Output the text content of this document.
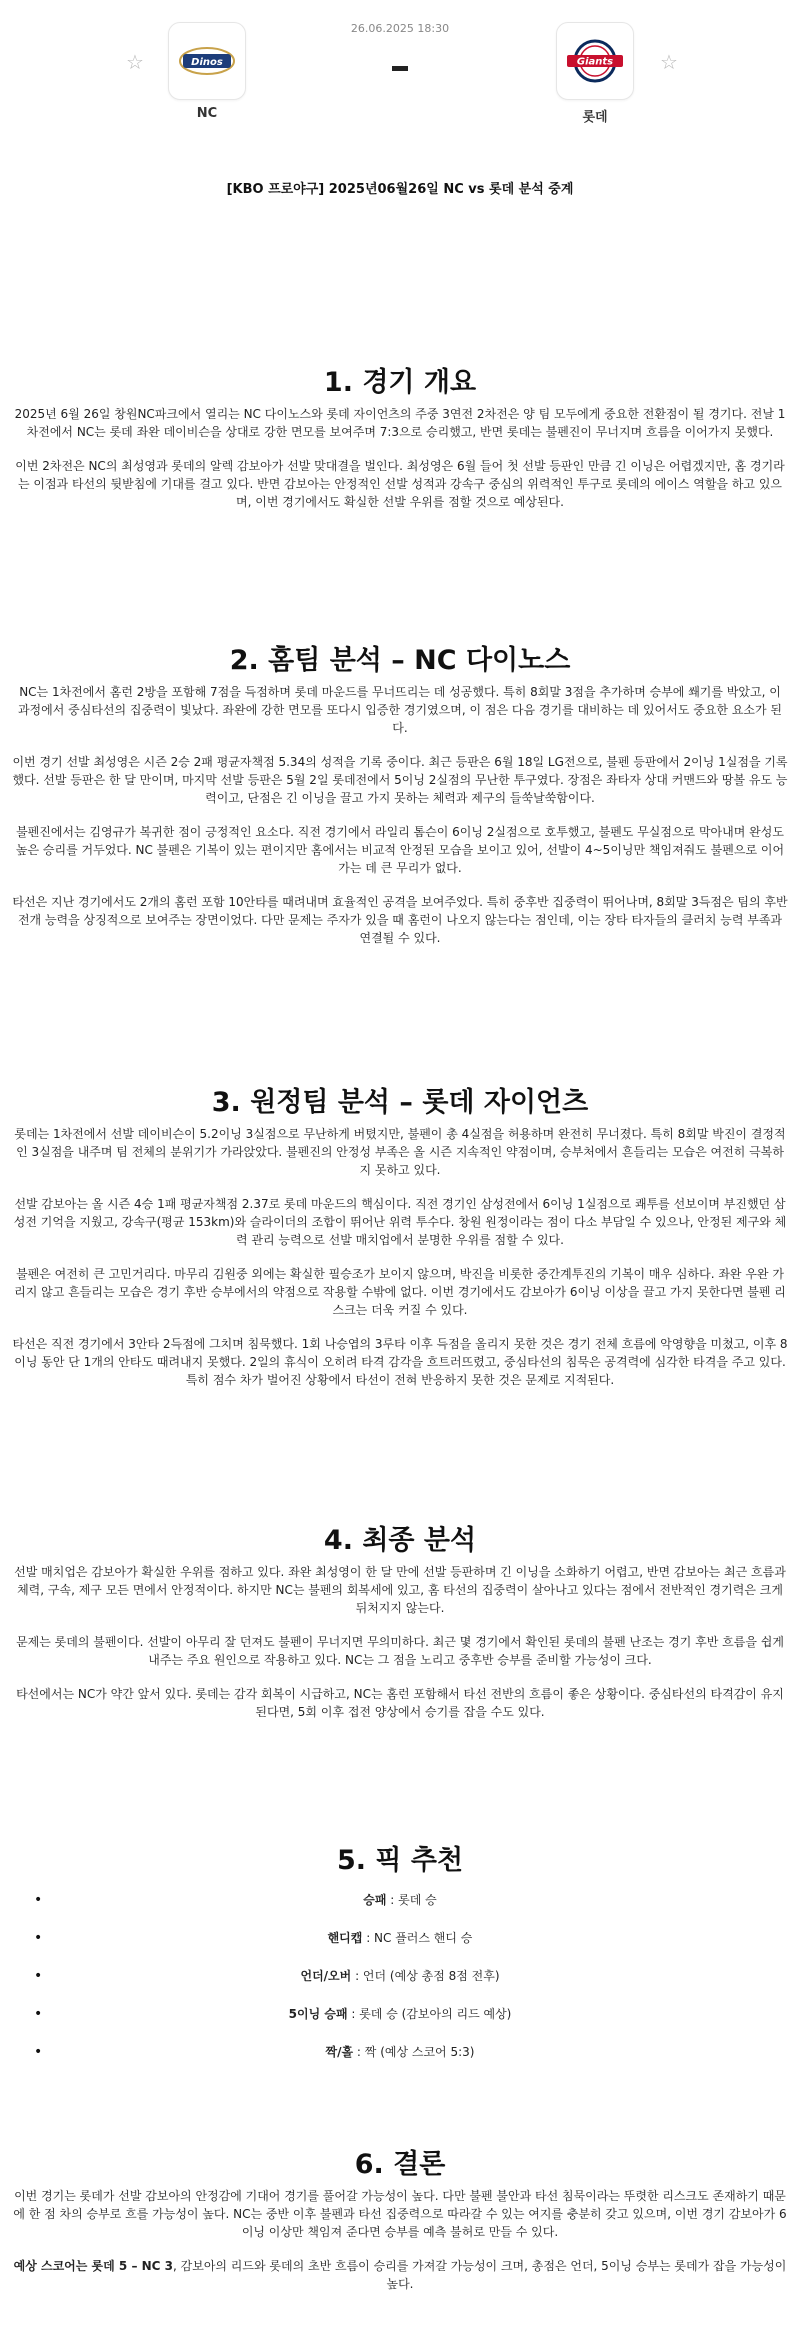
☆	Dinos
NC
26.06.2025 18:30
Giants
롯데
☆
[KBO 프로야구] 2025년06월26일 NC vs 롯데 분석 중계
1. 경기 개요

2025년 6월 26일 창원NC파크에서 열리는 NC 다이노스와 롯데 자이언츠의 주중 3연전 2차전은 양 팀 모두에게 중요한 전환점이 될 경기다. 전날 1차전에서 NC는 롯데 좌완 데이비슨을 상대로 강한 면모를 보여주며 7:3으로 승리했고, 반면 롯데는 불펜진이 무너지며 흐름을 이어가지 못했다.

이번 2차전은 NC의 최성영과 롯데의 알렉 감보아가 선발 맞대결을 벌인다. 최성영은 6월 들어 첫 선발 등판인 만큼 긴 이닝은 어렵겠지만, 홈 경기라는 이점과 타선의 뒷받침에 기대를 걸고 있다. 반면 감보아는 안정적인 선발 성적과 강속구 중심의 위력적인 투구로 롯데의 에이스 역할을 하고 있으며, 이번 경기에서도 확실한 선발 우위를 점할 것으로 예상된다.

2. 홈팀 분석 – NC 다이노스

NC는 1차전에서 홈런 2방을 포함해 7점을 득점하며 롯데 마운드를 무너뜨리는 데 성공했다. 특히 8회말 3점을 추가하며 승부에 쐐기를 박았고, 이 과정에서 중심타선의 집중력이 빛났다. 좌완에 강한 면모를 또다시 입증한 경기였으며, 이 점은 다음 경기를 대비하는 데 있어서도 중요한 요소가 된다.

이번 경기 선발 최성영은 시즌 2승 2패 평균자책점 5.34의 성적을 기록 중이다. 최근 등판은 6월 18일 LG전으로, 불펜 등판에서 2이닝 1실점을 기록했다. 선발 등판은 한 달 만이며, 마지막 선발 등판은 5월 2일 롯데전에서 5이닝 2실점의 무난한 투구였다. 장점은 좌타자 상대 커맨드와 땅볼 유도 능력이고, 단점은 긴 이닝을 끌고 가지 못하는 체력과 제구의 들쑥날쑥함이다.

불펜진에서는 김영규가 복귀한 점이 긍정적인 요소다. 직전 경기에서 라일리 톰슨이 6이닝 2실점으로 호투했고, 불펜도 무실점으로 막아내며 완성도 높은 승리를 거두었다. NC 불펜은 기복이 있는 편이지만 홈에서는 비교적 안정된 모습을 보이고 있어, 선발이 4~5이닝만 책임져줘도 불펜으로 이어가는 데 큰 무리가 없다.

타선은 지난 경기에서도 2개의 홈런 포함 10안타를 때려내며 효율적인 공격을 보여주었다. 특히 중후반 집중력이 뛰어나며, 8회말 3득점은 팀의 후반 전개 능력을 상징적으로 보여주는 장면이었다. 다만 문제는 주자가 있을 때 홈런이 나오지 않는다는 점인데, 이는 장타 타자들의 클러치 능력 부족과 연결될 수 있다.

3. 원정팀 분석 – 롯데 자이언츠

롯데는 1차전에서 선발 데이비슨이 5.2이닝 3실점으로 무난하게 버텼지만, 불펜이 총 4실점을 허용하며 완전히 무너졌다. 특히 8회말 박진이 결정적인 3실점을 내주며 팀 전체의 분위기가 가라앉았다. 불펜진의 안정성 부족은 올 시즌 지속적인 약점이며, 승부처에서 흔들리는 모습은 여전히 극복하지 못하고 있다.

선발 감보아는 올 시즌 4승 1패 평균자책점 2.37로 롯데 마운드의 핵심이다. 직전 경기인 삼성전에서 6이닝 1실점으로 쾌투를 선보이며 부진했던 삼성전 기억을 지웠고, 강속구(평균 153km)와 슬라이더의 조합이 뛰어난 위력 투수다. 창원 원정이라는 점이 다소 부담일 수 있으나, 안정된 제구와 체력 관리 능력으로 선발 매치업에서 분명한 우위를 점할 수 있다.

불펜은 여전히 큰 고민거리다. 마무리 김원중 외에는 확실한 필승조가 보이지 않으며, 박진을 비롯한 중간계투진의 기복이 매우 심하다. 좌완 우완 가리지 않고 흔들리는 모습은 경기 후반 승부에서의 약점으로 작용할 수밖에 없다. 이번 경기에서도 감보아가 6이닝 이상을 끌고 가지 못한다면 불펜 리스크는 더욱 커질 수 있다.

타선은 직전 경기에서 3안타 2득점에 그치며 침묵했다. 1회 나승엽의 3루타 이후 득점을 올리지 못한 것은 경기 전체 흐름에 악영향을 미쳤고, 이후 8이닝 동안 단 1개의 안타도 때려내지 못했다. 2일의 휴식이 오히려 타격 감각을 흐트러뜨렸고, 중심타선의 침묵은 공격력에 심각한 타격을 주고 있다. 특히 점수 차가 벌어진 상황에서 타선이 전혀 반응하지 못한 것은 문제로 지적된다.

4. 최종 분석

선발 매치업은 감보아가 확실한 우위를 점하고 있다. 좌완 최성영이 한 달 만에 선발 등판하며 긴 이닝을 소화하기 어렵고, 반면 감보아는 최근 흐름과 체력, 구속, 제구 모든 면에서 안정적이다. 하지만 NC는 불펜의 회복세에 있고, 홈 타선의 집중력이 살아나고 있다는 점에서 전반적인 경기력은 크게 뒤처지지 않는다.

문제는 롯데의 불펜이다. 선발이 아무리 잘 던져도 불펜이 무너지면 무의미하다. 최근 몇 경기에서 확인된 롯데의 불펜 난조는 경기 후반 흐름을 쉽게 내주는 주요 원인으로 작용하고 있다. NC는 그 점을 노리고 중후반 승부를 준비할 가능성이 크다.

타선에서는 NC가 약간 앞서 있다. 롯데는 감각 회복이 시급하고, NC는 홈런 포함해서 타선 전반의 흐름이 좋은 상황이다. 중심타선의 타격감이 유지된다면, 5회 이후 접전 양상에서 승기를 잡을 수도 있다.

5. 픽 추천
• 승패 : 롯데 승
• 핸디캡 : NC 플러스 핸디 승
• 언더/오버 : 언더 (예상 총점 8점 전후)
• 5이닝 승패 : 롯데 승 (감보아의 리드 예상)
• 짝/홀 : 짝 (예상 스코어 5:3)
6. 결론

이번 경기는 롯데가 선발 감보아의 안정감에 기대어 경기를 풀어갈 가능성이 높다. 다만 불펜 불안과 타선 침묵이라는 뚜렷한 리스크도 존재하기 때문에 한 점 차의 승부로 흐를 가능성이 높다. NC는 중반 이후 불펜과 타선 집중력으로 따라갈 수 있는 여지를 충분히 갖고 있으며, 이번 경기 감보아가 6이닝 이상만 책임져 준다면 승부를 예측 불허로 만들 수 있다.

예상 스코어는 롯데 5 – NC 3, 감보아의 리드와 롯데의 초반 흐름이 승리를 가져갈 가능성이 크며, 총점은 언더, 5이닝 승부는 롯데가 잡을 가능성이 높다.
